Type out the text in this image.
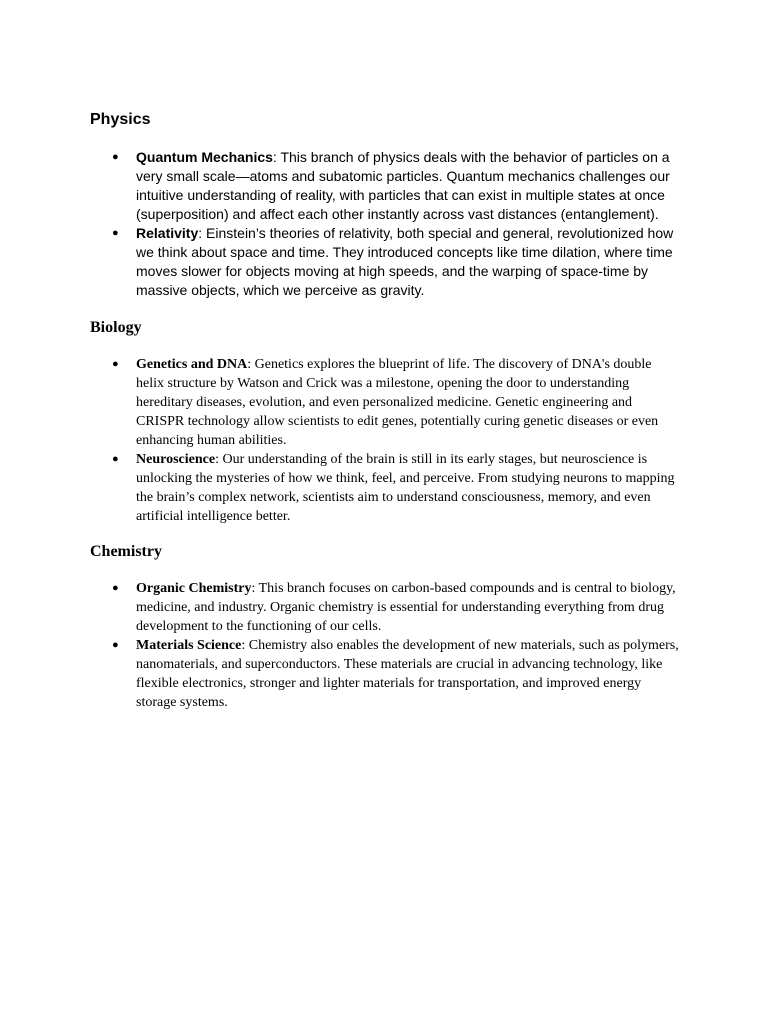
Physics
● Quantum Mechanics: This branch of physics deals with the behavior of particles on a very small scale—atoms and subatomic particles. Quantum mechanics challenges our intuitive understanding of reality, with particles that can exist in multiple states at once (superposition) and affect each other instantly across vast distances (entanglement).
● Relativity: Einstein’s theories of relativity, both special and general, revolutionized how we think about space and time. They introduced concepts like time dilation, where time moves slower for objects moving at high speeds, and the warping of space-time by massive objects, which we perceive as gravity.
Biology
● Genetics and DNA: Genetics explores the blueprint of life. The discovery of DNA's double helix structure by Watson and Crick was a milestone, opening the door to understanding hereditary diseases, evolution, and even personalized medicine. Genetic engineering and CRISPR technology allow scientists to edit genes, potentially curing genetic diseases or even enhancing human abilities.
● Neuroscience: Our understanding of the brain is still in its early stages, but neuroscience is unlocking the mysteries of how we think, feel, and perceive. From studying neurons to mapping the brain’s complex network, scientists aim to understand consciousness, memory, and even artificial intelligence better.
Chemistry
● Organic Chemistry: This branch focuses on carbon-based compounds and is central to biology, medicine, and industry. Organic chemistry is essential for understanding everything from drug development to the functioning of our cells.
● Materials Science: Chemistry also enables the development of new materials, such as polymers, nanomaterials, and superconductors. These materials are crucial in advancing technology, like flexible electronics, stronger and lighter materials for transportation, and improved energy storage systems.
